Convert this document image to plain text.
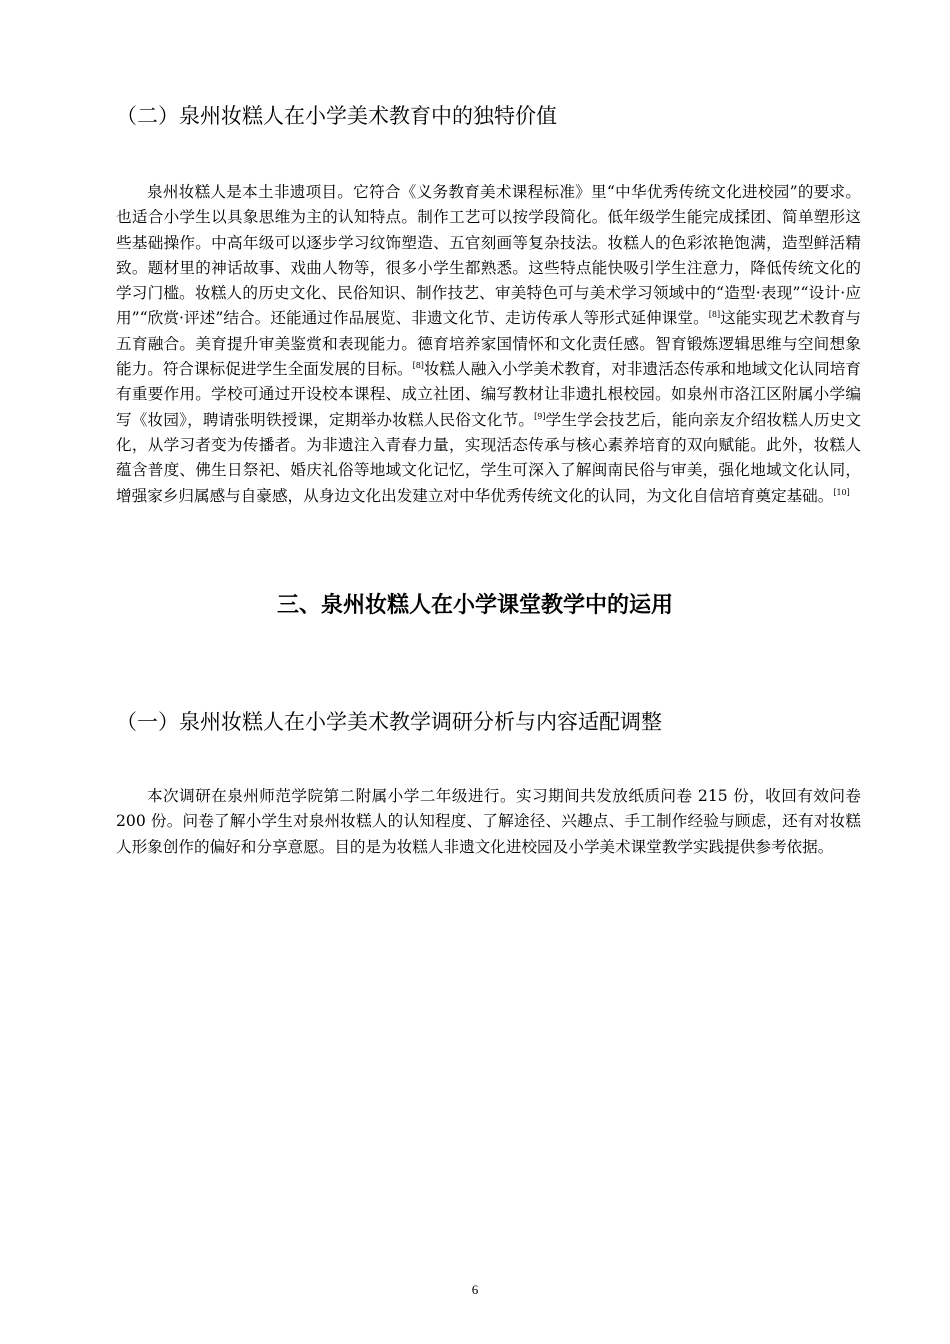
（二）泉州妆糕人在小学美术教育中的独特价值

泉州妆糕人是本土非遗项目。它符合《义务教育美术课程标准》里“中华优秀传统文化进校园”的要求。也适合小学生以具象思维为主的认知特点。制作工艺可以按学段简化。低年级学生能完成揉团、简单塑形这些基础操作。中高年级可以逐步学习纹饰塑造、五官刻画等复杂技法。妆糕人的色彩浓艳饱满，造型鲜活精致。题材里的神话故事、戏曲人物等，很多小学生都熟悉。这些特点能快吸引学生注意力，降低传统文化的学习门槛。妆糕人的历史文化、民俗知识、制作技艺、审美特色可与美术学习领域中的“造型·表现”“设计·应用”“欣赏·评述”结合。还能通过作品展览、非遗文化节、走访传承人等形式延伸课堂。[8]这能实现艺术教育与五育融合。美育提升审美鉴赏和表现能力。德育培养家国情怀和文化责任感。智育锻炼逻辑思维与空间想象能力。符合课标促进学生全面发展的目标。[8]妆糕人融入小学美术教育，对非遗活态传承和地域文化认同培育有重要作用。学校可通过开设校本课程、成立社团、编写教材让非遗扎根校园。如泉州市洛江区附属小学编写《妆园》，聘请张明铁授课，定期举办妆糕人民俗文化节。[9]学生学会技艺后，能向亲友介绍妆糕人历史文化，从学习者变为传播者。为非遗注入青春力量，实现活态传承与核心素养培育的双向赋能。此外，妆糕人蕴含普度、佛生日祭祀、婚庆礼俗等地域文化记忆，学生可深入了解闽南民俗与审美，强化地域文化认同，增强家乡归属感与自豪感，从身边文化出发建立对中华优秀传统文化的认同，为文化自信培育奠定基础。[10]

三、泉州妆糕人在小学课堂教学中的运用
（一）泉州妆糕人在小学美术教学调研分析与内容适配调整

本次调研在泉州师范学院第二附属小学二年级进行。实习期间共发放纸质问卷 215 份，收回有效问卷 200 份。问卷了解小学生对泉州妆糕人的认知程度、了解途径、兴趣点、手工制作经验与顾虑，还有对妆糕人形象创作的偏好和分享意愿。目的是为妆糕人非遗文化进校园及小学美术课堂教学实践提供参考依据。

6
